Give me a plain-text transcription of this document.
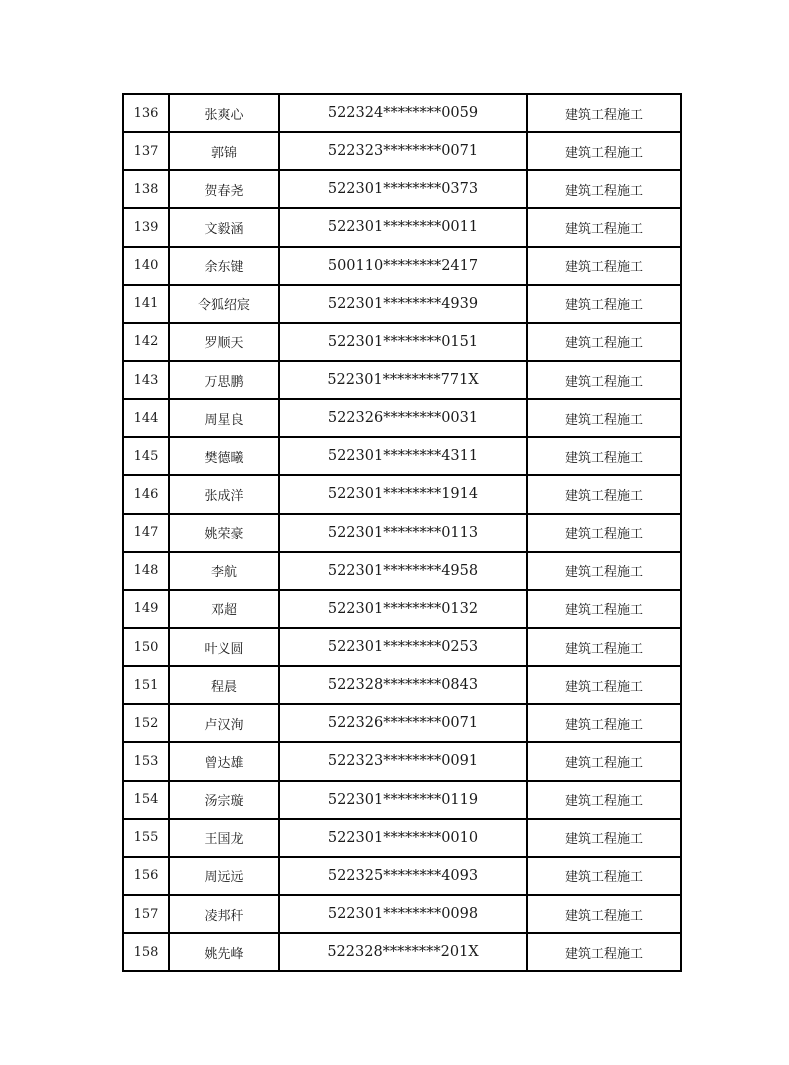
136	张爽心	522324********0059	建筑工程施工
137	郭锦	522323********0071	建筑工程施工
138	贺春尧	522301********0373	建筑工程施工
139	文毅涵	522301********0011	建筑工程施工
140	余东键	500110********2417	建筑工程施工
141	令狐绍宸	522301********4939	建筑工程施工
142	罗顺天	522301********0151	建筑工程施工
143	万思鹏	522301********771X	建筑工程施工
144	周星良	522326********0031	建筑工程施工
145	樊德曦	522301********4311	建筑工程施工
146	张成洋	522301********1914	建筑工程施工
147	姚荣豪	522301********0113	建筑工程施工
148	李航	522301********4958	建筑工程施工
149	邓超	522301********0132	建筑工程施工
150	叶义圆	522301********0253	建筑工程施工
151	程晨	522328********0843	建筑工程施工
152	卢汉洵	522326********0071	建筑工程施工
153	曾达雄	522323********0091	建筑工程施工
154	汤宗璇	522301********0119	建筑工程施工
155	王国龙	522301********0010	建筑工程施工
156	周远远	522325********4093	建筑工程施工
157	凌邦秆	522301********0098	建筑工程施工
158	姚先峰	522328********201X	建筑工程施工
